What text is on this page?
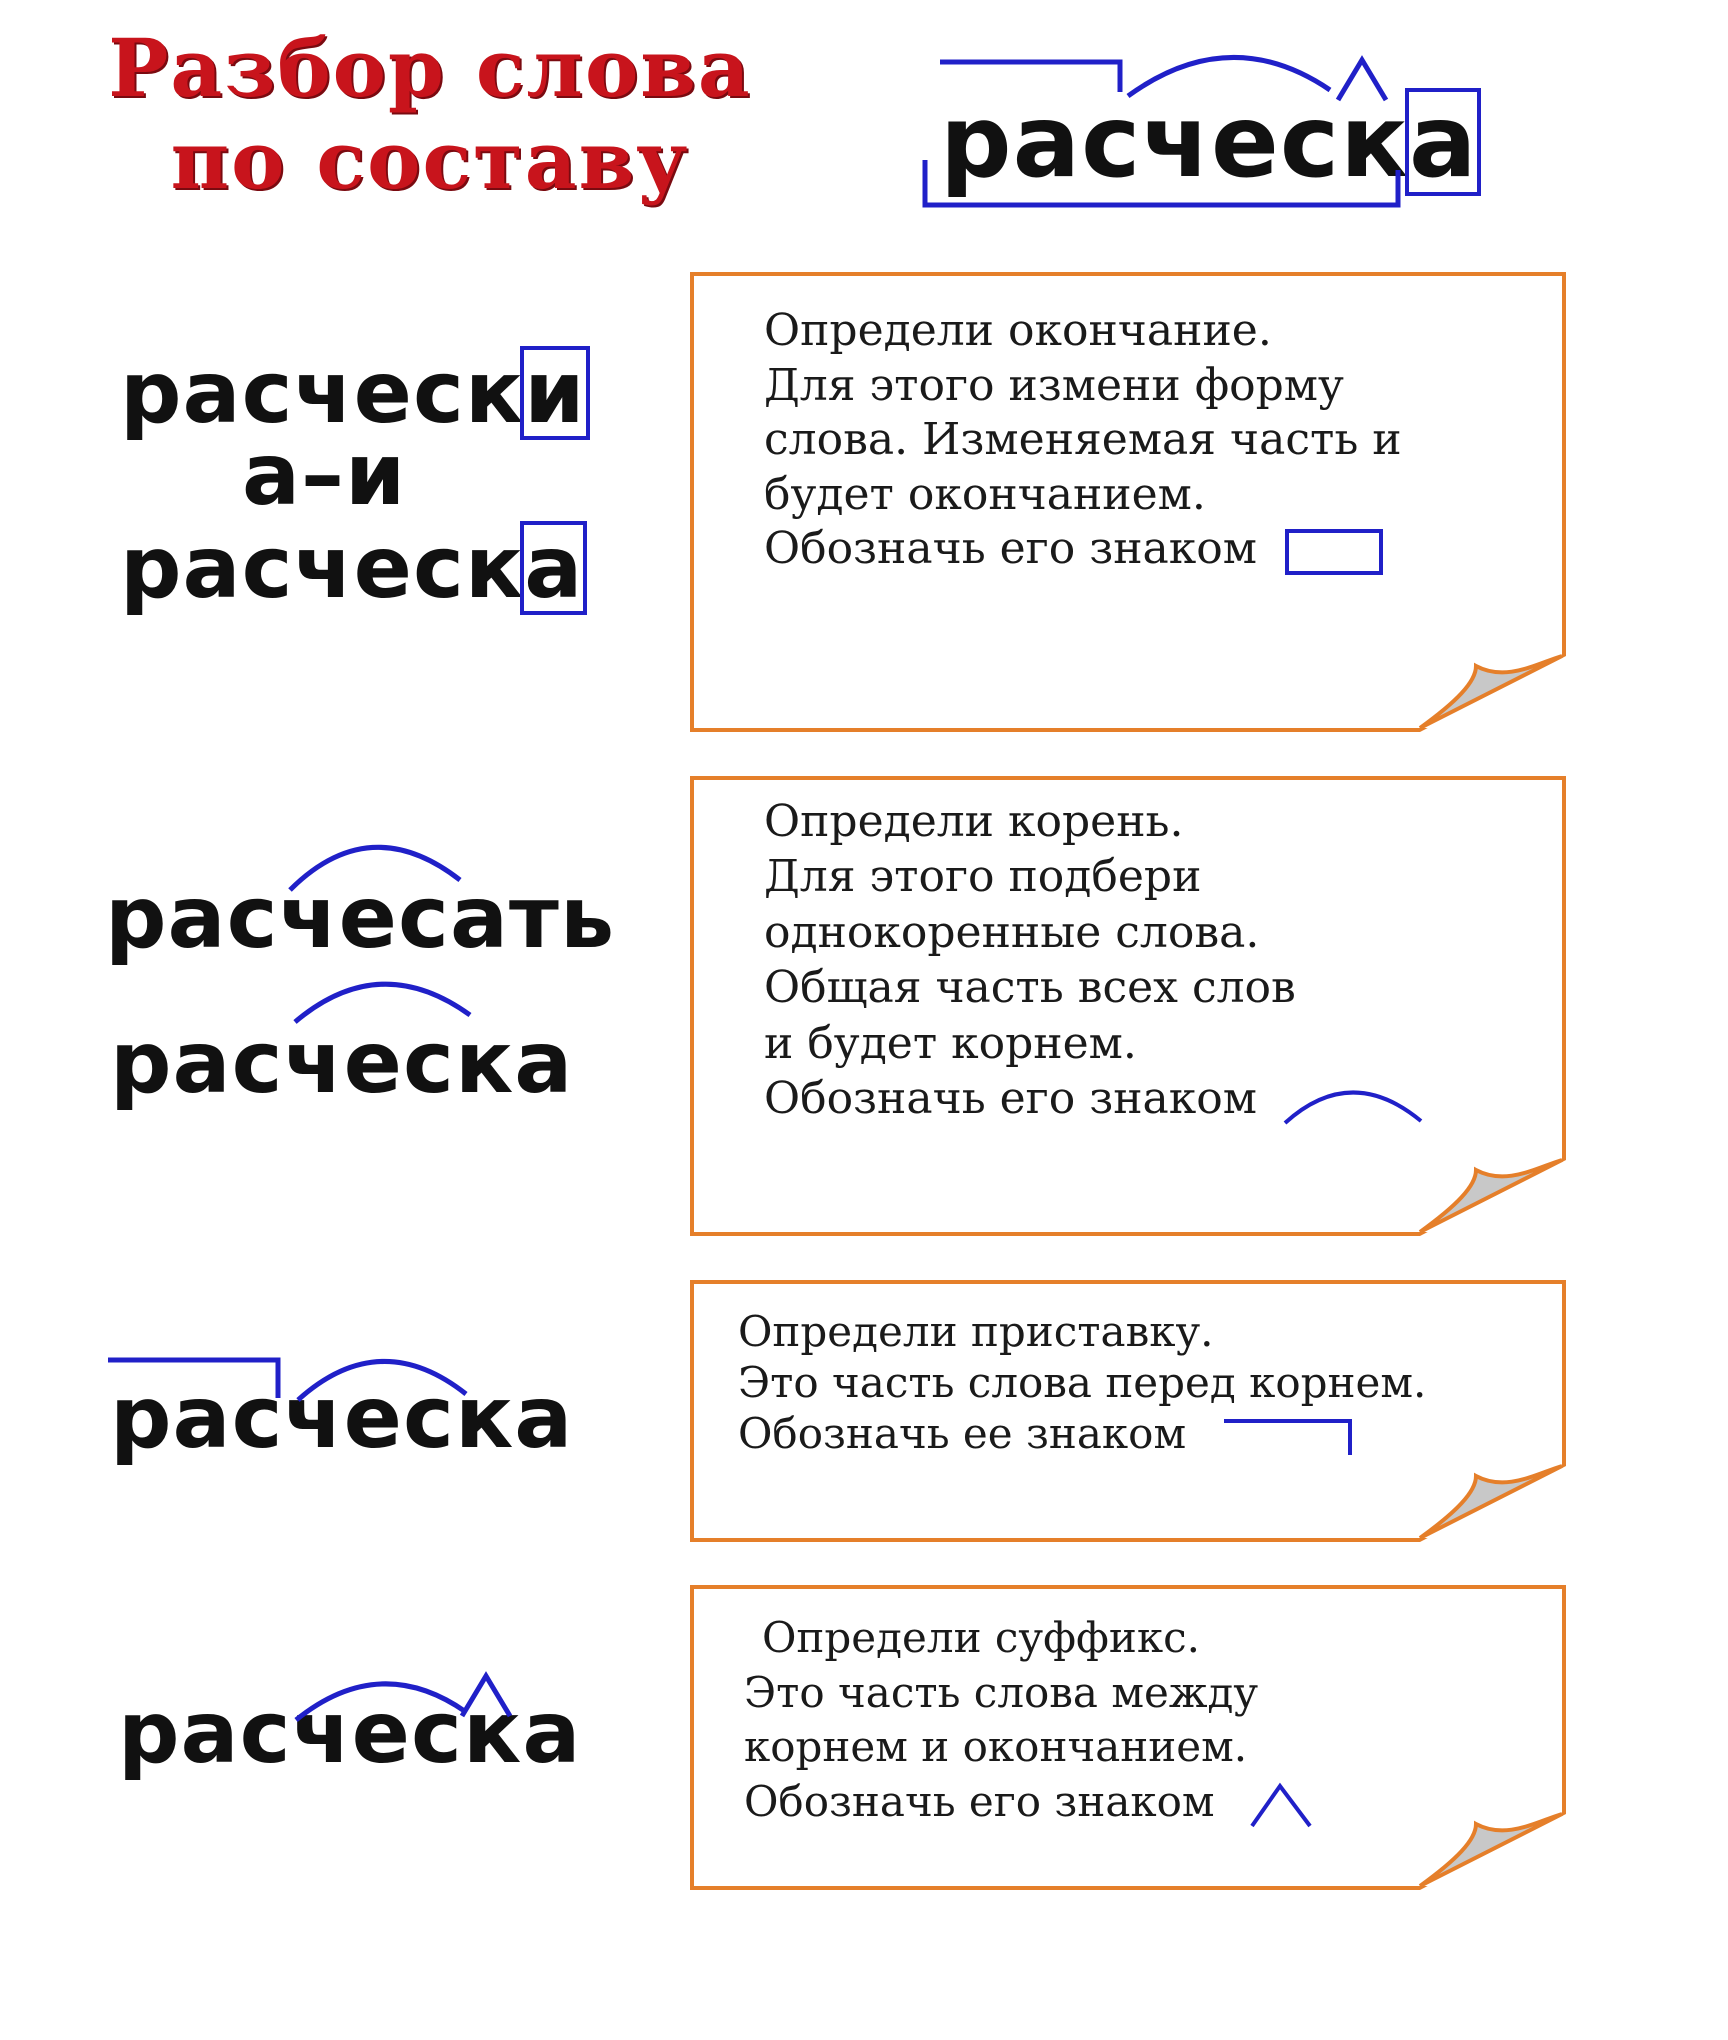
Разбор слова
по составу	расческа
расчески
а–и
расческа
Определи окончание.
Для этого измени форму
слова. Изменяемая часть и
будет окончанием.
Обозначь его знаком
расчесать
расческа
Определи корень.
Для этого подбери
однокоренные слова.
Общая часть всех слов
и будет корнем.
Обозначь его знаком
расческа
Определи приставку.
Это часть слова перед корнем.
Обозначь ее знаком
расческа
Определи суффикс.
Это часть слова между
корнем и окончанием.
Обозначь его знаком
